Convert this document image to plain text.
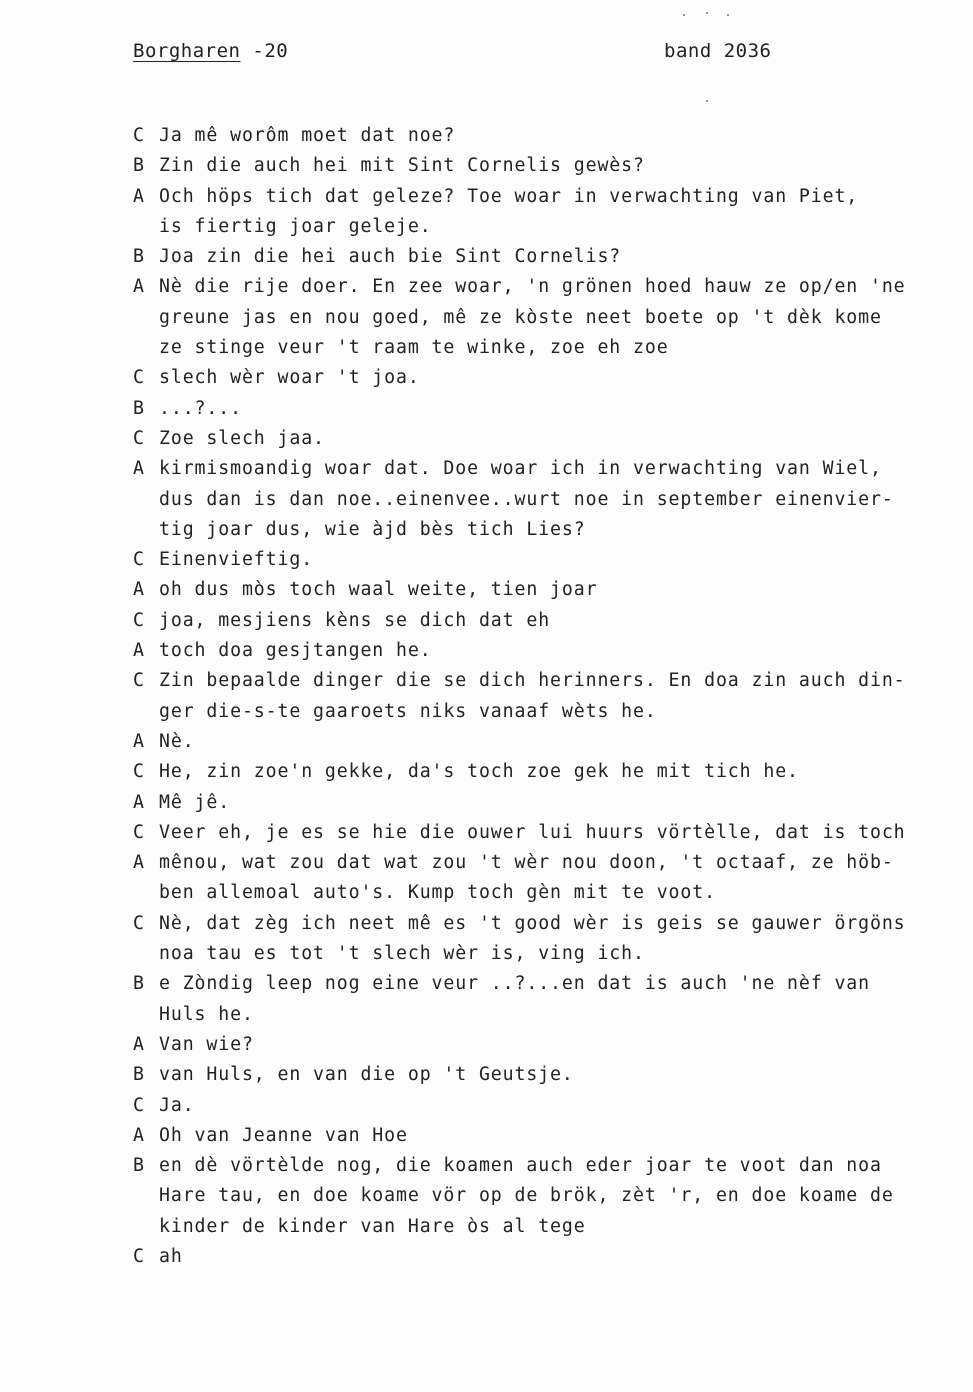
Borgharen -20	band 2036
C Ja mê worôm moet dat noe?
B Zin die auch hei mit Sint Cornelis gewès?
A Och höps tich dat geleze? Toe woar in verwachting van Piet,
is fiertig joar geleje.
B Joa zin die hei auch bie Sint Cornelis?
A Nè die rije doer. En zee woar, 'n grönen hoed hauw ze op/en 'ne
greune jas en nou goed, mê ze kòste neet boete op 't dèk kome
ze stinge veur 't raam te winke, zoe eh zoe
C slech wèr woar 't joa.
B ...?...
C Zoe slech jaa.
A kirmismoandig woar dat. Doe woar ich in verwachting van Wiel,
dus dan is dan noe..einenvee..wurt noe in september einenvier-
tig joar dus, wie àjd bès tich Lies?
C Einenvieftig.
A oh dus mòs toch waal weite, tien joar
C joa, mesjiens kèns se dich dat eh
A toch doa gesjtangen he.
C Zin bepaalde dinger die se dich herinners. En doa zin auch din-
ger die-s-te gaaroets niks vanaaf wèts he.
A Nè.
C He, zin zoe'n gekke, da's toch zoe gek he mit tich he.
A Mê jê.
C Veer eh, je es se hie die ouwer lui huurs vörtèlle, dat is toch
A mênou, wat zou dat wat zou 't wèr nou doon, 't octaaf, ze höb-
ben allemoal auto's. Kump toch gèn mit te voot.
C Nè, dat zèg ich neet mê es 't good wèr is geis se gauwer örgöns
noa tau es tot 't slech wèr is, ving ich.
B e Zòndig leep nog eine veur ..?...en dat is auch 'ne nèf van
Huls he.
A Van wie?
B van Huls, en van die op 't Geutsje.
C Ja.
A Oh van Jeanne van Hoe
B en dè vörtèlde nog, die koamen auch eder joar te voot dan noa
Hare tau, en doe koame vör op de brök, zèt 'r, en doe koame de
kinder de kinder van Hare òs al tege
C ah
